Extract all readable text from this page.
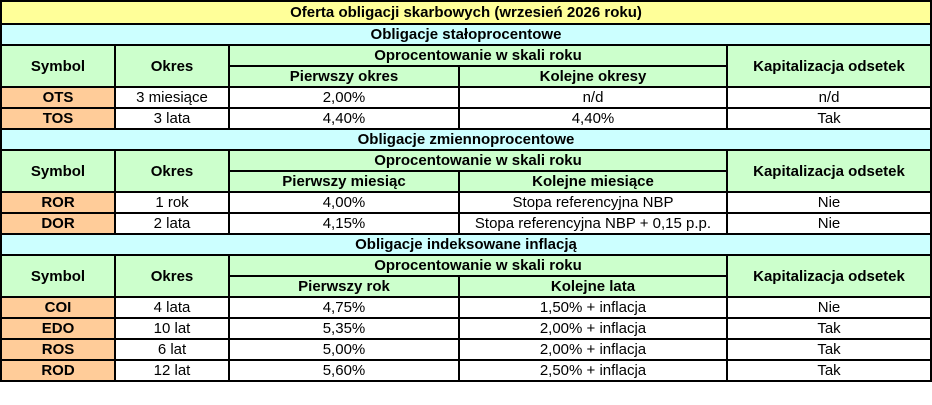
Oferta obligacji skarbowych (wrzesień 2026 roku)				
Obligacje stałoprocentowe				
Symbol	Okres	Oprocentowanie w skali roku		Kapitalizacja odsetek
		Pierwszy okres	Kolejne okresy	
OTS	3 miesiące	2,00%	n/d	n/d
TOS	3 lata	4,40%	4,40%	Tak
Obligacje zmiennoprocentowe				
Symbol	Okres	Oprocentowanie w skali roku		Kapitalizacja odsetek
		Pierwszy miesiąc	Kolejne miesiące	
ROR	1 rok	4,00%	Stopa referencyjna NBP	Nie
DOR	2 lata	4,15%	Stopa referencyjna NBP + 0,15 p.p.	Nie
Obligacje indeksowane inflacją				
Symbol	Okres	Oprocentowanie w skali roku		Kapitalizacja odsetek
		Pierwszy rok	Kolejne lata	
COI	4 lata	4,75%	1,50% + inflacja	Nie
EDO	10 lat	5,35%	2,00% + inflacja	Tak
ROS	6 lat	5,00%	2,00% + inflacja	Tak
ROD	12 lat	5,60%	2,50% + inflacja	Tak
